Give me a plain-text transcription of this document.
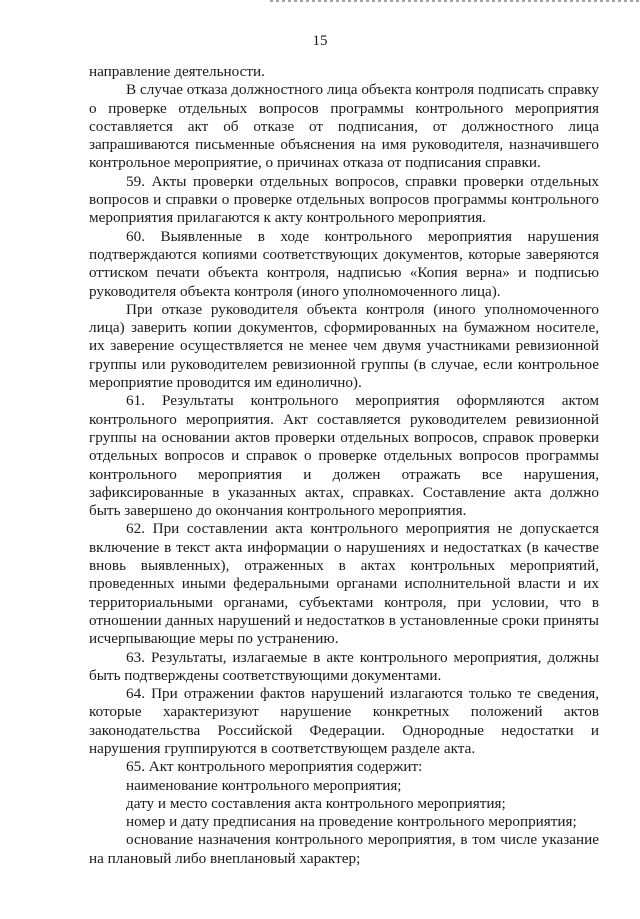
15

направление деятельности.

В случае отказа должностного лица объекта контроля подписать справку о проверке отдельных вопросов программы контрольного мероприятия составляется акт об отказе от подписания, от должностного лица запрашиваются письменные объяснения на имя руководителя, назначившего контрольное мероприятие, о причинах отказа от подписания справки.

59. Акты проверки отдельных вопросов, справки проверки отдельных вопросов и справки о проверке отдельных вопросов программы контрольного мероприятия прилагаются к акту контрольного мероприятия.

60. Выявленные в ходе контрольного мероприятия нарушения подтверждаются копиями соответствующих документов, которые заверяются оттиском печати объекта контроля, надписью «Копия верна» и подписью руководителя объекта контроля (иного уполномоченного лица).

При отказе руководителя объекта контроля (иного уполномоченного лица) заверить копии документов, сформированных на бумажном носителе, их заверение осуществляется не менее чем двумя участниками ревизионной группы или руководителем ревизионной группы (в случае, если контрольное мероприятие проводится им единолично).

61. Результаты контрольного мероприятия оформляются актом контрольного мероприятия. Акт составляется руководителем ревизионной группы на основании актов проверки отдельных вопросов, справок проверки отдельных вопросов и справок о проверке отдельных вопросов программы контрольного мероприятия и должен отражать все нарушения, зафиксированные в указанных актах, справках. Составление акта должно быть завершено до окончания контрольного мероприятия.

62. При составлении акта контрольного мероприятия не допускается включение в текст акта информации о нарушениях и недостатках (в качестве вновь выявленных), отраженных в актах контрольных мероприятий, проведенных иными федеральными органами исполнительной власти и их территориальными органами, субъектами контроля, при условии, что в отношении данных нарушений и недостатков в установленные сроки приняты исчерпывающие меры по устранению.

63. Результаты, излагаемые в акте контрольного мероприятия, должны быть подтверждены соответствующими документами.

64. При отражении фактов нарушений излагаются только те сведения, которые характеризуют нарушение конкретных положений актов законодательства Российской Федерации. Однородные недостатки и нарушения группируются в соответствующем разделе акта.

65. Акт контрольного мероприятия содержит:

наименование контрольного мероприятия;

дату и место составления акта контрольного мероприятия;

номер и дату предписания на проведение контрольного мероприятия;

основание назначения контрольного мероприятия, в том числе указание на плановый либо внеплановый характер;
